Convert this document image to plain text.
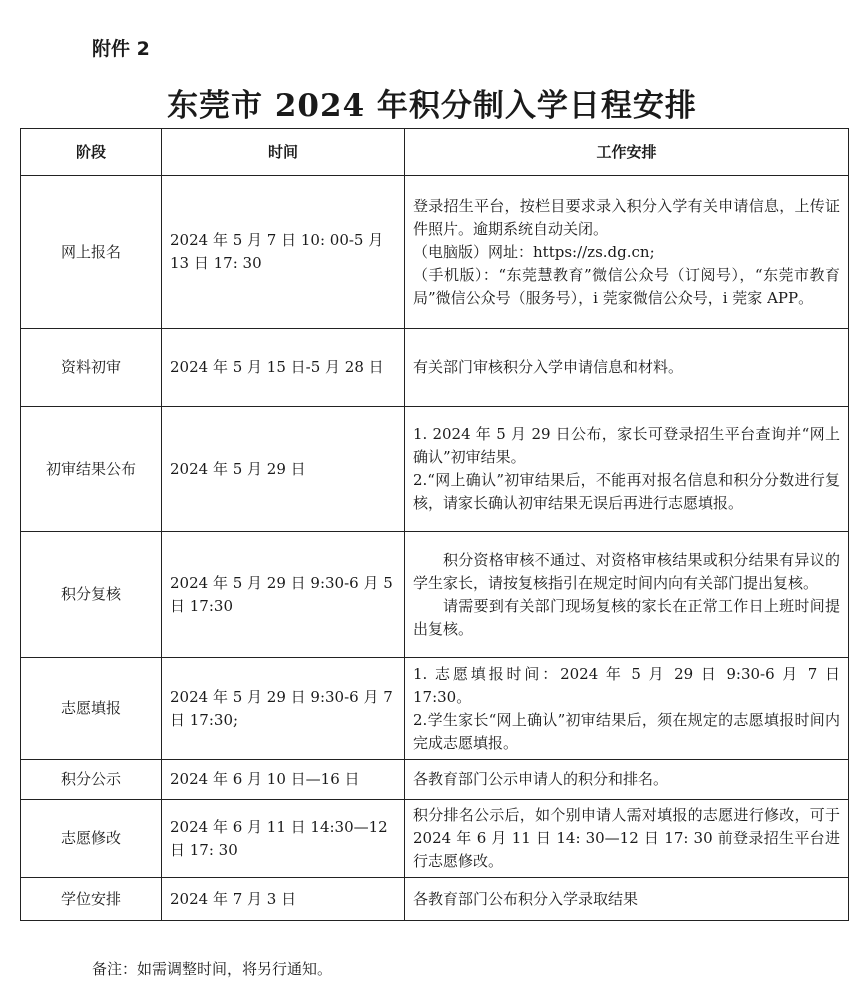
附件 2
东莞市 2024 年积分制入学日程安排
阶段	时间	工作安排
网上报名	2024 年 5 月 7 日 10: 00-5 月 13 日 17: 30	登录招生平台，按栏目要求录入积分入学有关申请信息，上传证件照片。逾期系统自动关闭。
（电脑版）网址：https://zs.dg.cn;
（手机版）：“东莞慧教育”微信公众号（订阅号），“东莞市教育局”微信公众号（服务号），i 莞家微信公众号，i 莞家 APP。

资料初审	2024 年 5 月 15 日-5 月 28 日	有关部门审核积分入学申请信息和材料。

初审结果公布	2024 年 5 月 29 日	1. 2024 年 5 月 29 日公布，家长可登录招生平台查询并“网上确认”初审结果。
2.“网上确认”初审结果后，不能再对报名信息和积分分数进行复核，请家长确认初审结果无误后再进行志愿填报。

积分复核	2024 年 5 月 29 日 9:30-6 月 5 日 17:30	积分资格审核不通过、对资格审核结果或积分结果有异议的学生家长，请按复核指引在规定时间内向有关部门提出复核。
请需要到有关部门现场复核的家长在正常工作日上班时间提出复核。

志愿填报	2024 年 5 月 29 日 9:30-6 月 7 日 17:30;	1. 志愿填报时间：2024 年 5 月 29 日 9:30-6 月 7 日 17:30。
2.学生家长“网上确认”初审结果后，须在规定的志愿填报时间内完成志愿填报。

积分公示	2024 年 6 月 10 日—16 日	各教育部门公示申请人的积分和排名。

志愿修改	2024 年 6 月 11 日 14:30—12 日 17: 30	积分排名公示后，如个别申请人需对填报的志愿进行修改，可于 2024 年 6 月 11 日 14: 30—12 日 17: 30 前登录招生平台进行志愿修改。

学位安排	2024 年 7 月 3 日	各教育部门公布积分入学录取结果
备注：如需调整时间，将另行通知。
